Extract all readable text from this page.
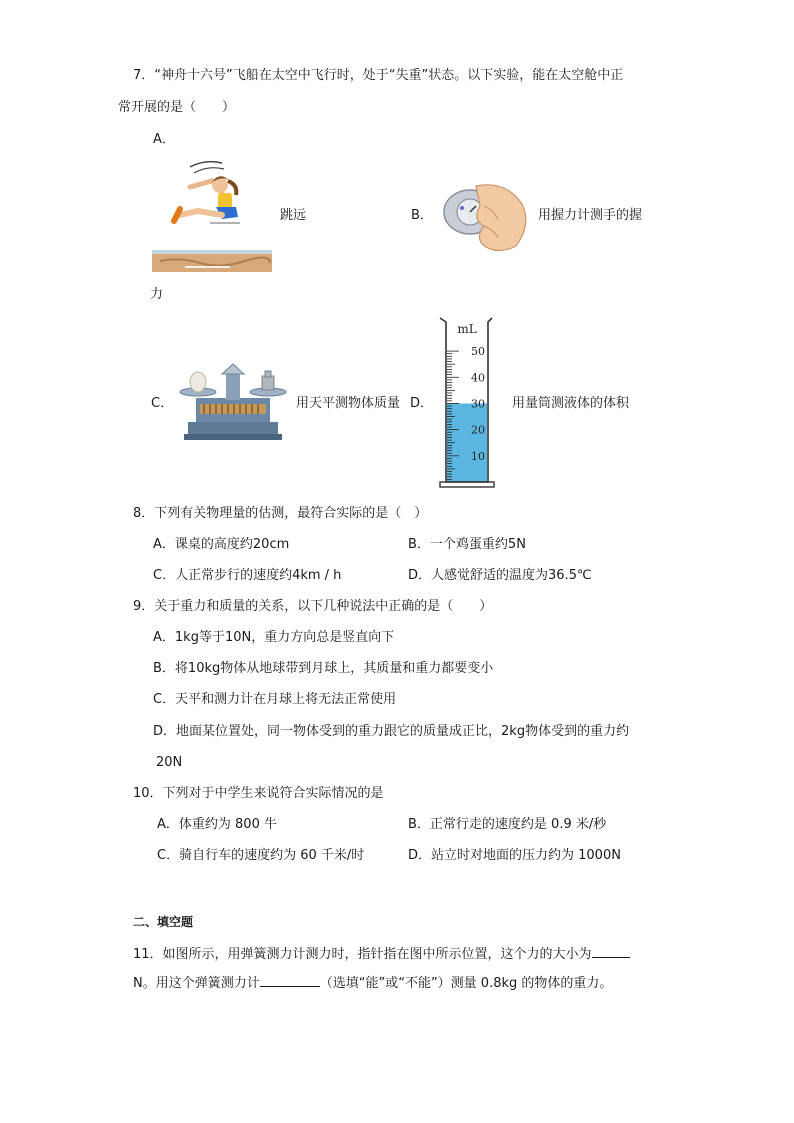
7．“神舟十六号”飞船在太空中飞行时，处于“失重”状态。以下实验，能在太空舱中正
常开展的是（　　）
A．
跳远	B．	用握力计测手的握
力
C．	用天平测物体质量 D．
mL
50
40
30
20
10
用量筒测液体的体积
8．下列有关物理量的估测，最符合实际的是（　）
A．课桌的高度约20cm	B．一个鸡蛋重约5N
C．人正常步行的速度约4km / h	D．人感觉舒适的温度为36.5℃
9．关于重力和质量的关系，以下几种说法中正确的是（　　）
A．1kg等于10N，重力方向总是竖直向下
B．将10kg物体从地球带到月球上，其质量和重力都要变小
C．天平和测力计在月球上将无法正常使用
D．地面某位置处，同一物体受到的重力跟它的质量成正比，2kg物体受到的重力约
20N
10．下列对于中学生来说符合实际情况的是
A．体重约为 800 牛	B．正常行走的速度约是 0.9 米/秒
C．骑自行车的速度约为 60 千米/时	D．站立时对地面的压力约为 1000N
二、填空题
11．如图所示，用弹簧测力计测力时，指针指在图中所示位置，这个力的大小为
N。用这个弹簧测力计	（选填“能”或“不能”）测量 0.8kg 的物体的重力。
